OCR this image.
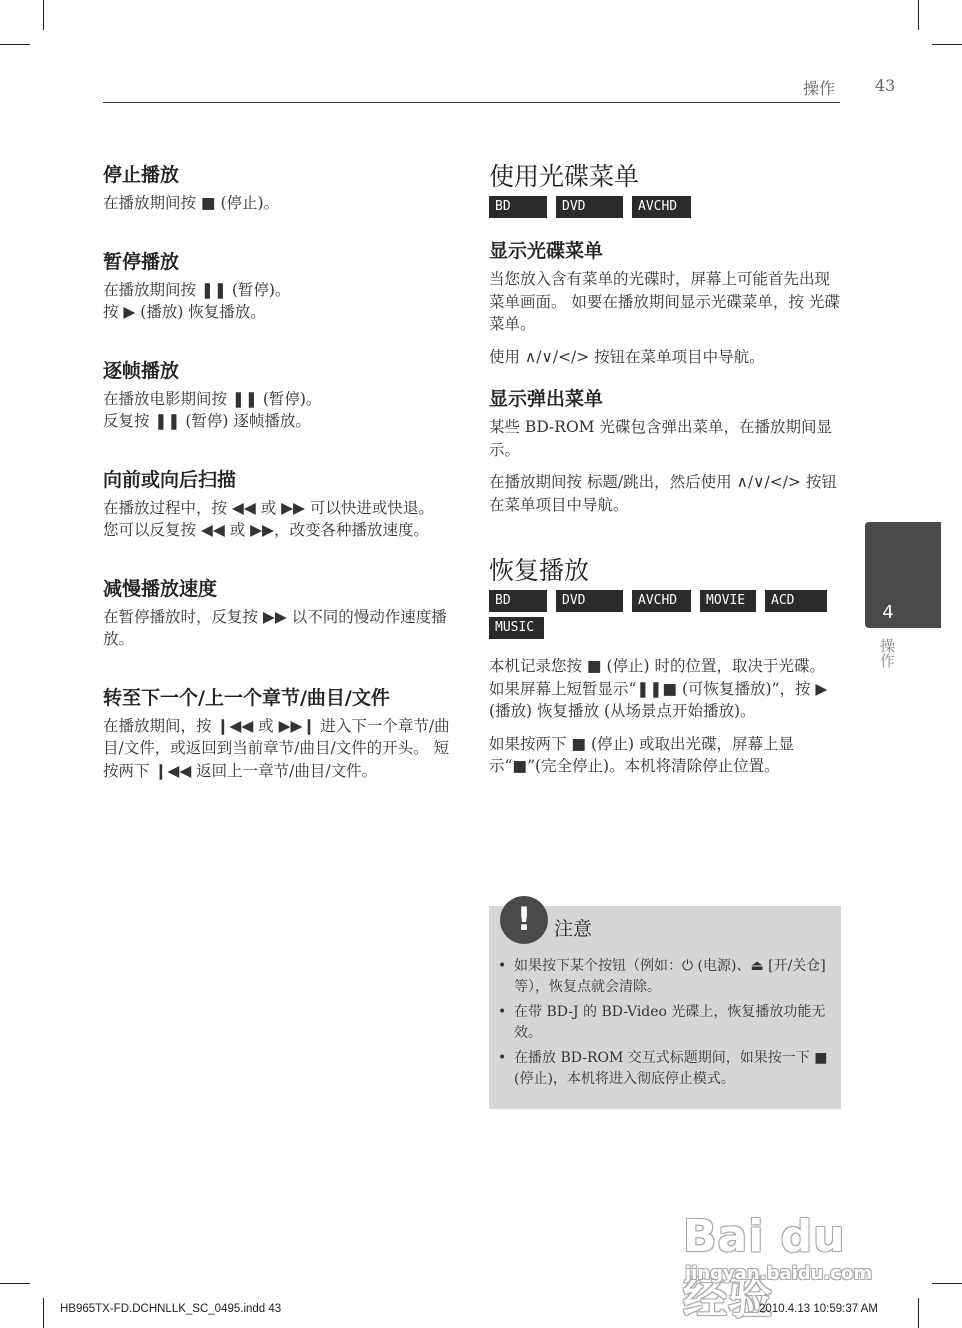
操作 43
停止播放

在播放期间按 ■ (停止)。

暂停播放

在播放期间按 ❚❚ (暂停)。

按 ▶ (播放) 恢复播放。

逐帧播放

在播放电影期间按 ❚❚ (暂停)。

反复按 ❚❚ (暂停) 逐帧播放。

向前或向后扫描

在播放过程中，按 ◀◀ 或 ▶▶ 可以快进或快退。

您可以反复按 ◀◀ 或 ▶▶，改变各种播放速度。

减慢播放速度

在暂停播放时，反复按 ▶▶ 以不同的慢动作速度播放。

转至下一个/上一个章节/曲目/文件

在播放期间，按 ❙◀◀ 或 ▶▶❙ 进入下一个章节/曲目/文件，或返回到当前章节/曲目/文件的开头。 短按两下 ❙◀◀ 返回上一章节/曲目/文件。

使用光碟菜单
BD	DVD	AVCHD
显示光碟菜单

当您放入含有菜单的光碟时，屏幕上可能首先出现菜单画面。 如要在播放期间显示光碟菜单，按 光碟菜单。

使用 ∧/∨/</> 按钮在菜单项目中导航。

显示弹出菜单

某些 BD-ROM 光碟包含弹出菜单，在播放期间显示。

在播放期间按 标题/跳出，然后使用 ∧/∨/</> 按钮在菜单项目中导航。

恢复播放
BD	DVD	AVCHD	MOVIE	ACD
MUSIC

本机记录您按 ■ (停止) 时的位置，取决于光碟。

如果屏幕上短暂显示“❚❚■ (可恢复播放)”，按 ▶ (播放) 恢复播放 (从场景点开始播放)。

如果按两下 ■ (停止) 或取出光碟，屏幕上显示“■”(完全停止)。本机将清除停止位置。

!	注意
• 如果按下某个按钮（例如：⏻ (电源)、⏏ [开/关仓] 等），恢复点就会清除。
• 在带 BD-J 的 BD-Video 光碟上，恢复播放功能无效。
• 在播放 BD-ROM 交互式标题期间，如果按一下 ■ (停止)，本机将进入彻底停止模式。
4
操作
Bai du 经验
jingyan.baidu.com
HB965TX-FD.DCHNLLK_SC_0495.indd 43	2010.4.13 10:59:37 AM
